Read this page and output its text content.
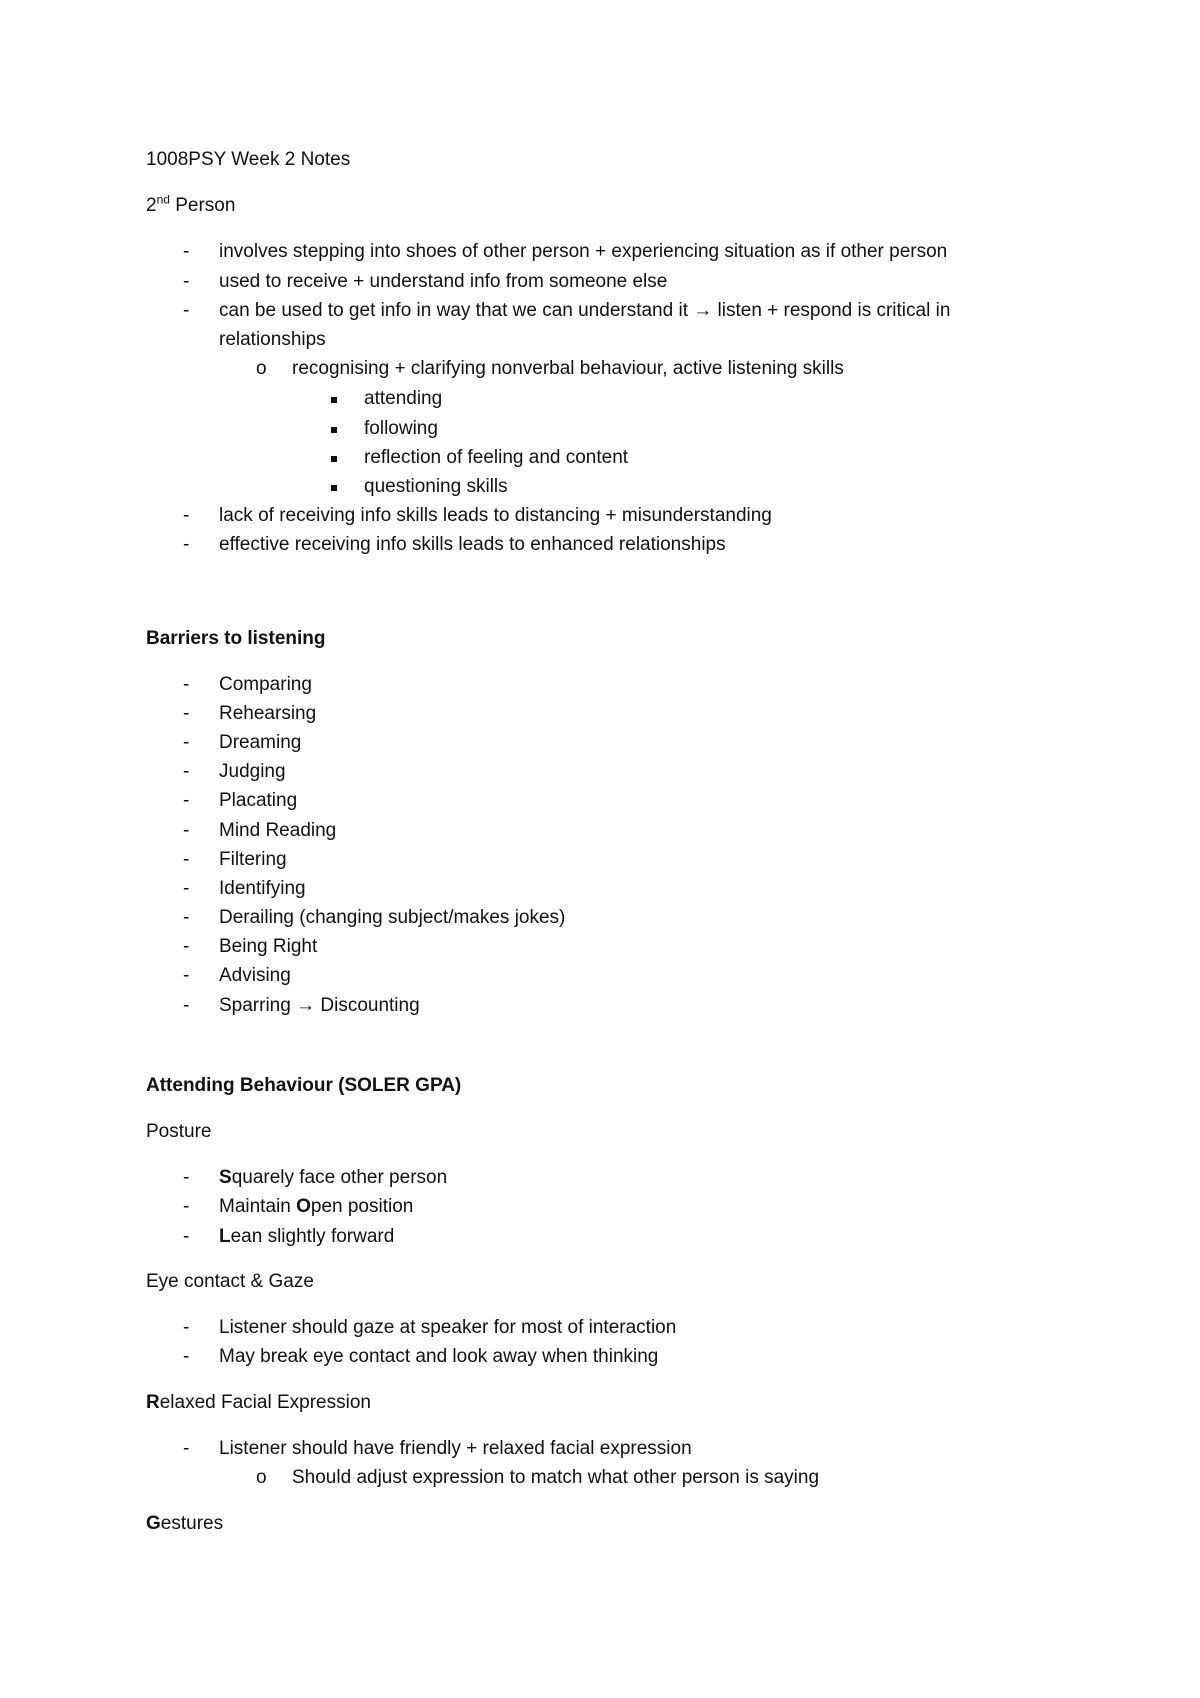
1008PSY Week 2 Notes
2nd Person
-	involves stepping into shoes of other person + experiencing situation as if other person
-	used to receive + understand info from someone else
-	can be used to get info in way that we can understand it → listen + respond is critical in
relationships
o recognising + clarifying nonverbal behaviour, active listening skills
attending
following
reflection of feeling and content
questioning skills
-	lack of receiving info skills leads to distancing + misunderstanding
-	effective receiving info skills leads to enhanced relationships
Barriers to listening
-	Comparing
-	Rehearsing
-	Dreaming
-	Judging
-	Placating
-	Mind Reading
-	Filtering
-	Identifying
-	Derailing (changing subject/makes jokes)
-	Being Right
-	Advising
-	Sparring → Discounting
Attending Behaviour (SOLER GPA)
Posture
-	Squarely face other person
-	Maintain Open position
-	Lean slightly forward
Eye contact & Gaze
-	Listener should gaze at speaker for most of interaction
-	May break eye contact and look away when thinking
Relaxed Facial Expression
-	Listener should have friendly + relaxed facial expression
o Should adjust expression to match what other person is saying
Gestures
